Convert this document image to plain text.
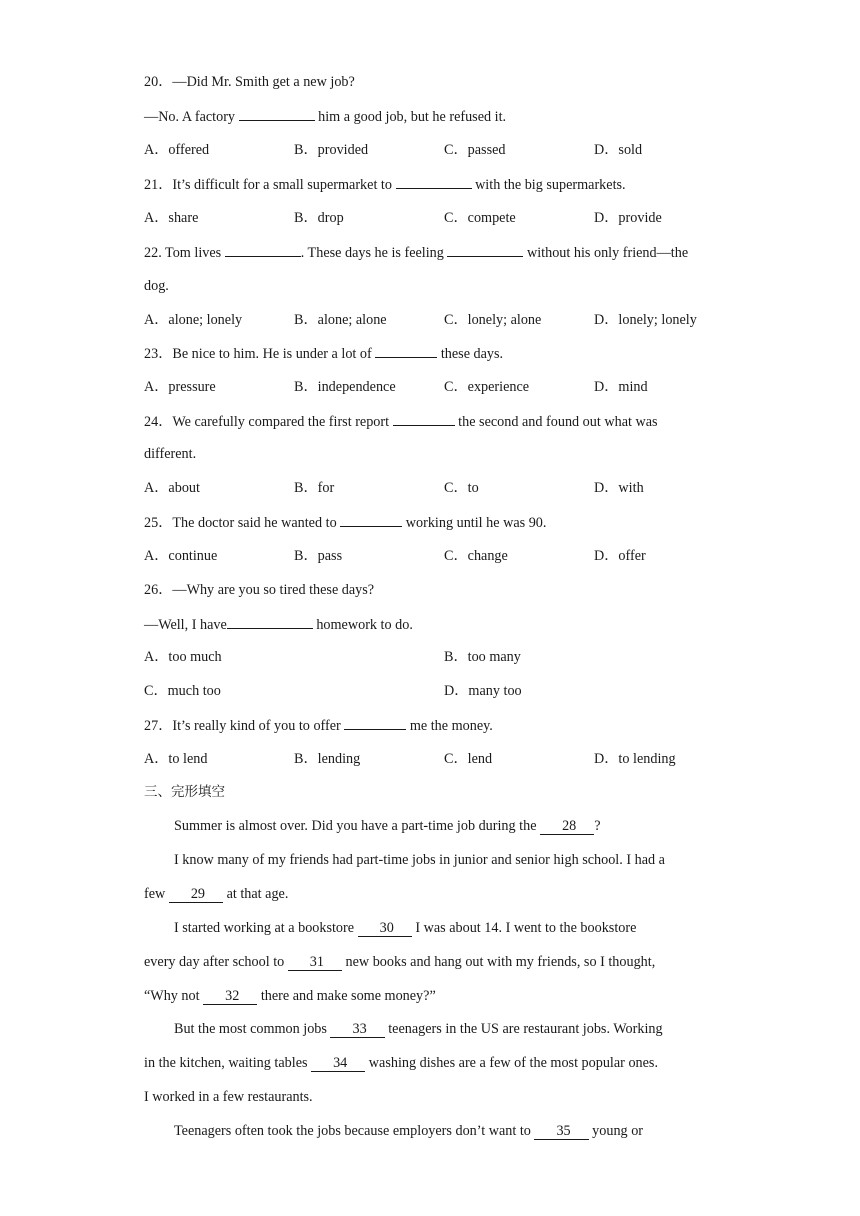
20．—Did Mr. Smith get a new job?
—No. A factory	him a good job, but he refused it.
A．offered	B．provided	C．passed	D．sold
21．It’s difficult for a small supermarket to	with the big supermarkets.
A．share	B．drop	C．compete	D．provide
22. Tom lives	. These days he is feeling	without his only friend—the
dog.
A．alone; lonely	B．alone; alone	C．lonely; alone	D．lonely; lonely
23．Be nice to him. He is under a lot of	these days.
A．pressure	B．independence	C．experience	D．mind
24．We carefully compared the first report	the second and found out what was
different.
A．about	B．for	C．to	D．with
25．The doctor said he wanted to	working until he was 90.
A．continue	B．pass	C．change	D．offer
26．—Why are you so tired these days?
—Well, I have	homework to do.
A．too much	B．too many
C．much too	D．many too
27．It’s really kind of you to offer	me the money.
A．to lend	B．lending	C．lend	D．to lending
三、完形填空
Summer is almost over. Did you have a part-time job during the 28 ?
I know many of my friends had part-time jobs in junior and senior high school. I had a
few 29 at that age.
I started working at a bookstore 30 I was about 14. I went to the bookstore
every day after school to 31 new books and hang out with my friends, so I thought,
“Why not 32 there and make some money?”
But the most common jobs 33 teenagers in the US are restaurant jobs. Working
in the kitchen, waiting tables 34 washing dishes are a few of the most popular ones.
I worked in a few restaurants.
Teenagers often took the jobs because employers don’t want to 35 young or
